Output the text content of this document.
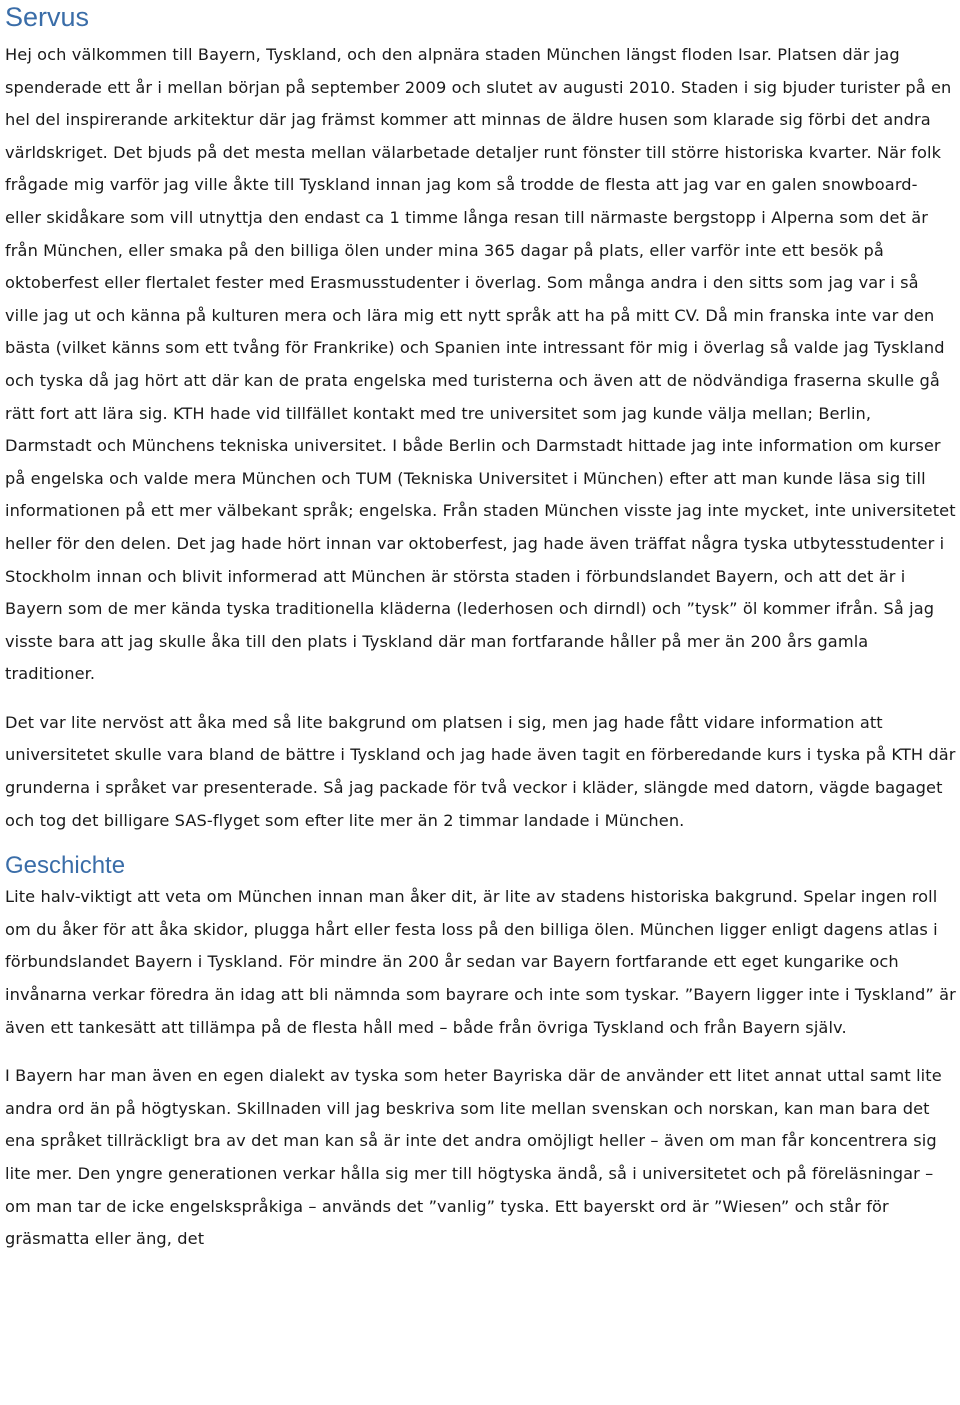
Servus

Hej och välkommen till Bayern, Tyskland, och den alpnära staden München längst floden Isar. Platsen där jag spenderade ett år i mellan början på september 2009 och slutet av augusti 2010. Staden i sig bjuder turister på en hel del inspirerande arkitektur där jag främst kommer att minnas de äldre husen som klarade sig förbi det andra världskriget. Det bjuds på det mesta mellan välarbetade detaljer runt fönster till större historiska kvarter. När folk frågade mig varför jag ville åkte till Tyskland innan jag kom så trodde de flesta att jag var en galen snowboard- eller skidåkare som vill utnyttja den endast ca 1 timme långa resan till närmaste bergstopp i Alperna som det är från München, eller smaka på den billiga ölen under mina 365 dagar på plats, eller varför inte ett besök på oktoberfest eller flertalet fester med Erasmusstudenter i överlag. Som många andra i den sitts som jag var i så ville jag ut och känna på kulturen mera och lära mig ett nytt språk att ha på mitt CV. Då min franska inte var den bästa (vilket känns som ett tvång för Frankrike) och Spanien inte intressant för mig i överlag så valde jag Tyskland och tyska då jag hört att där kan de prata engelska med turisterna och även att de nödvändiga fraserna skulle gå rätt fort att lära sig. KTH hade vid tillfället kontakt med tre universitet som jag kunde välja mellan; Berlin, Darmstadt och Münchens tekniska universitet. I både Berlin och Darmstadt hittade jag inte information om kurser på engelska och valde mera München och TUM (Tekniska Universitet i München) efter att man kunde läsa sig till informationen på ett mer välbekant språk; engelska. Från staden München visste jag inte mycket, inte universitetet heller för den delen. Det jag hade hört innan var oktoberfest, jag hade även träffat några tyska utbytesstudenter i Stockholm innan och blivit informerad att München är största staden i förbundslandet Bayern, och att det är i Bayern som de mer kända tyska traditionella kläderna (lederhosen och dirndl) och ”tysk” öl kommer ifrån. Så jag visste bara att jag skulle åka till den plats i Tyskland där man fortfarande håller på mer än 200 års gamla traditioner.

Det var lite nervöst att åka med så lite bakgrund om platsen i sig, men jag hade fått vidare information att universitetet skulle vara bland de bättre i Tyskland och jag hade även tagit en förberedande kurs i tyska på KTH där grunderna i språket var presenterade. Så jag packade för två veckor i kläder, slängde med datorn, vägde bagaget och tog det billigare SAS-flyget som efter lite mer än 2 timmar landade i München.

Geschichte

Lite halv-viktigt att veta om München innan man åker dit, är lite av stadens historiska bakgrund. Spelar ingen roll om du åker för att åka skidor, plugga hårt eller festa loss på den billiga ölen. München ligger enligt dagens atlas i förbundslandet Bayern i Tyskland. För mindre än 200 år sedan var Bayern fortfarande ett eget kungarike och invånarna verkar föredra än idag att bli nämnda som bayrare och inte som tyskar. ”Bayern ligger inte i Tyskland” är även ett tankesätt att tillämpa på de flesta håll med – både från övriga Tyskland och från Bayern själv.

I Bayern har man även en egen dialekt av tyska som heter Bayriska där de använder ett litet annat uttal samt lite andra ord än på högtyskan. Skillnaden vill jag beskriva som lite mellan svenskan och norskan, kan man bara det ena språket tillräckligt bra av det man kan så är inte det andra omöjligt heller – även om man får koncentrera sig lite mer. Den yngre generationen verkar hålla sig mer till högtyska ändå, så i universitetet och på föreläsningar – om man tar de icke engelskspråkiga – används det ”vanlig” tyska. Ett bayerskt ord är ”Wiesen” och står för gräsmatta eller äng, det
